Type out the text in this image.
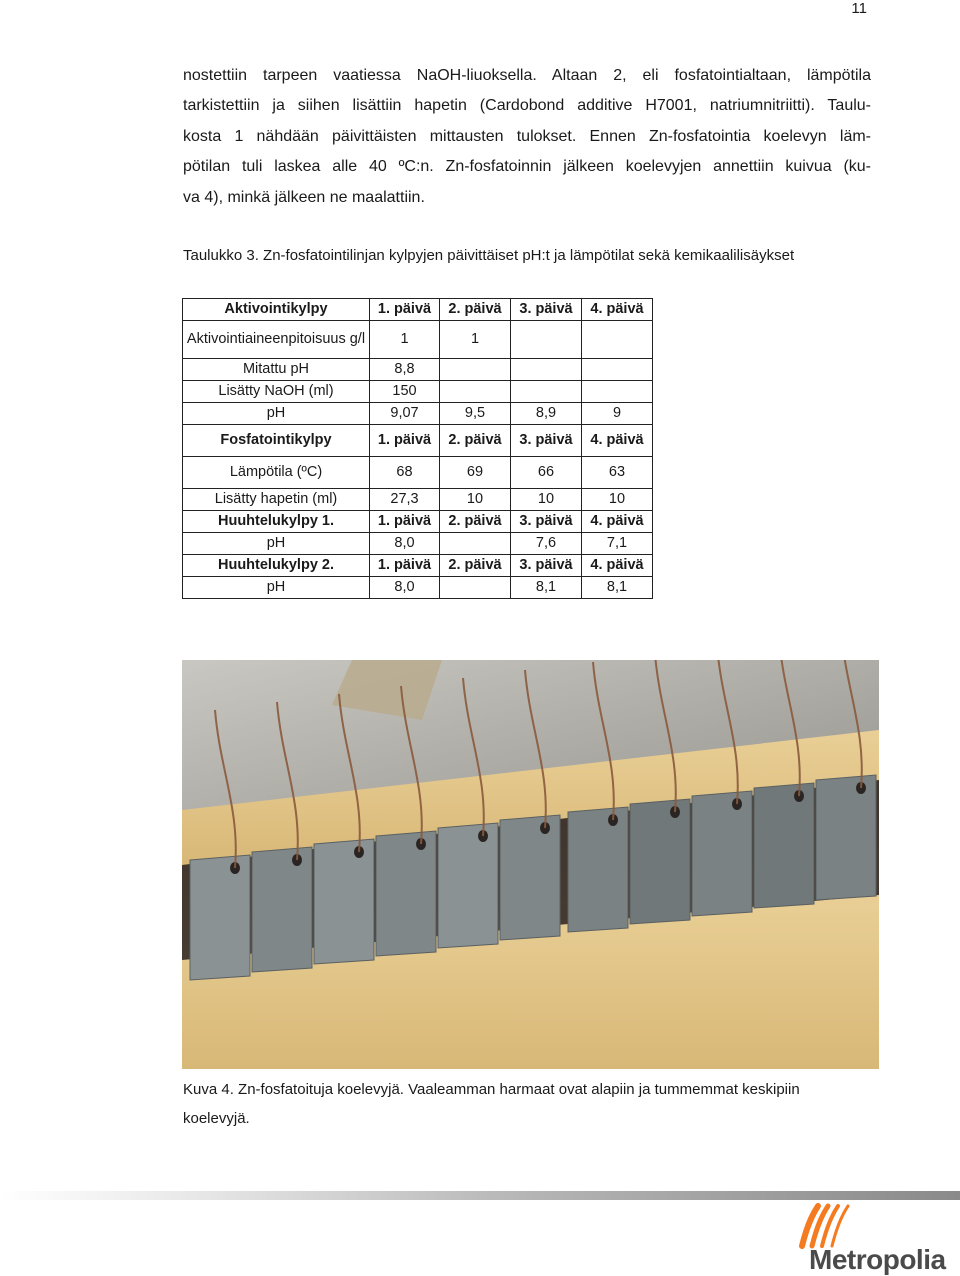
11

nostettiin tarpeen vaatiessa NaOH-liuoksella. Altaan 2, eli fosfatointialtaan, lämpötila
tarkistettiin ja siihen lisättiin hapetin (Cardobond additive H7001, natriumnitriitti). Taulu-
kosta 1 nähdään päivittäisten mittausten tulokset. Ennen Zn-fosfatointia koelevyn läm-
pötilan tuli laskea alle 40 ºC:n. Zn-fosfatoinnin jälkeen koelevyjen annettiin kuivua (ku-
va 4), minkä jälkeen ne maalattiin.

Taulukko 3. Zn-fosfatointilinjan kylpyjen päivittäiset pH:t ja lämpötilat sekä kemikaalilisäykset

Aktivointikylpy	1. päivä	2. päivä	3. päivä	4. päivä
Aktivointiaineenpitoisuus g/l	1	1		
Mitattu pH	8,8			
Lisätty NaOH (ml)	150			
pH	9,07	9,5	8,9	9
Fosfatointikylpy	1. päivä	2. päivä	3. päivä	4. päivä
Lämpötila (ºC)	68	69	66	63
Lisätty hapetin (ml)	27,3	10	10	10
Huuhtelukylpy 1.	1. päivä	2. päivä	3. päivä	4. päivä
pH	8,0		7,6	7,1
Huuhtelukylpy 2.	1. päivä	2. päivä	3. päivä	4. päivä
pH	8,0		8,1	8,1

Kuva 4. Zn-fosfatoituja koelevyjä. Vaaleamman harmaat ovat alapiin ja tummemmat keskipiin
koelevyjä.

Metropolia
